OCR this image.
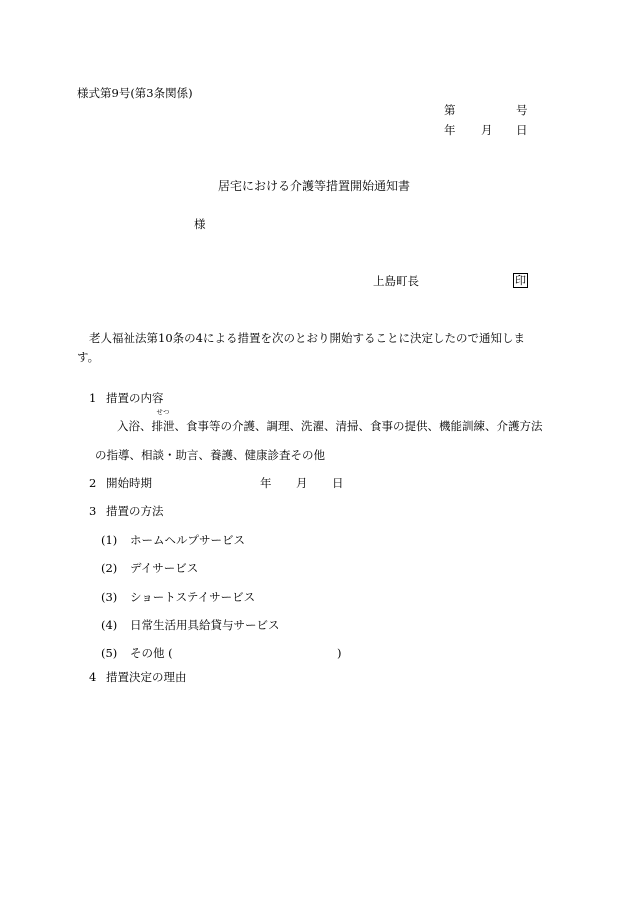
様式第9号(第3条関係)
第	号
年 月 日
居宅における介護等措置開始通知書
様
上島町長	印
老人福祉法第10条の4による措置を次のとおり開始することに決定したので通知しま
す。
1 措置の内容
入浴、排泄
せつ
、食事等の介護、調理、洗濯、清掃、食事の提供、機能訓練、介護方法
の指導、相談・助言、養護、健康診査その他
2 開始時期	年 月 日
3 措置の方法
(1) ホームヘルプサービス
(2) デイサービス
(3) ショートステイサービス
(4) 日常生活用具給貸与サービス
(5) その他 (	)
4 措置決定の理由
